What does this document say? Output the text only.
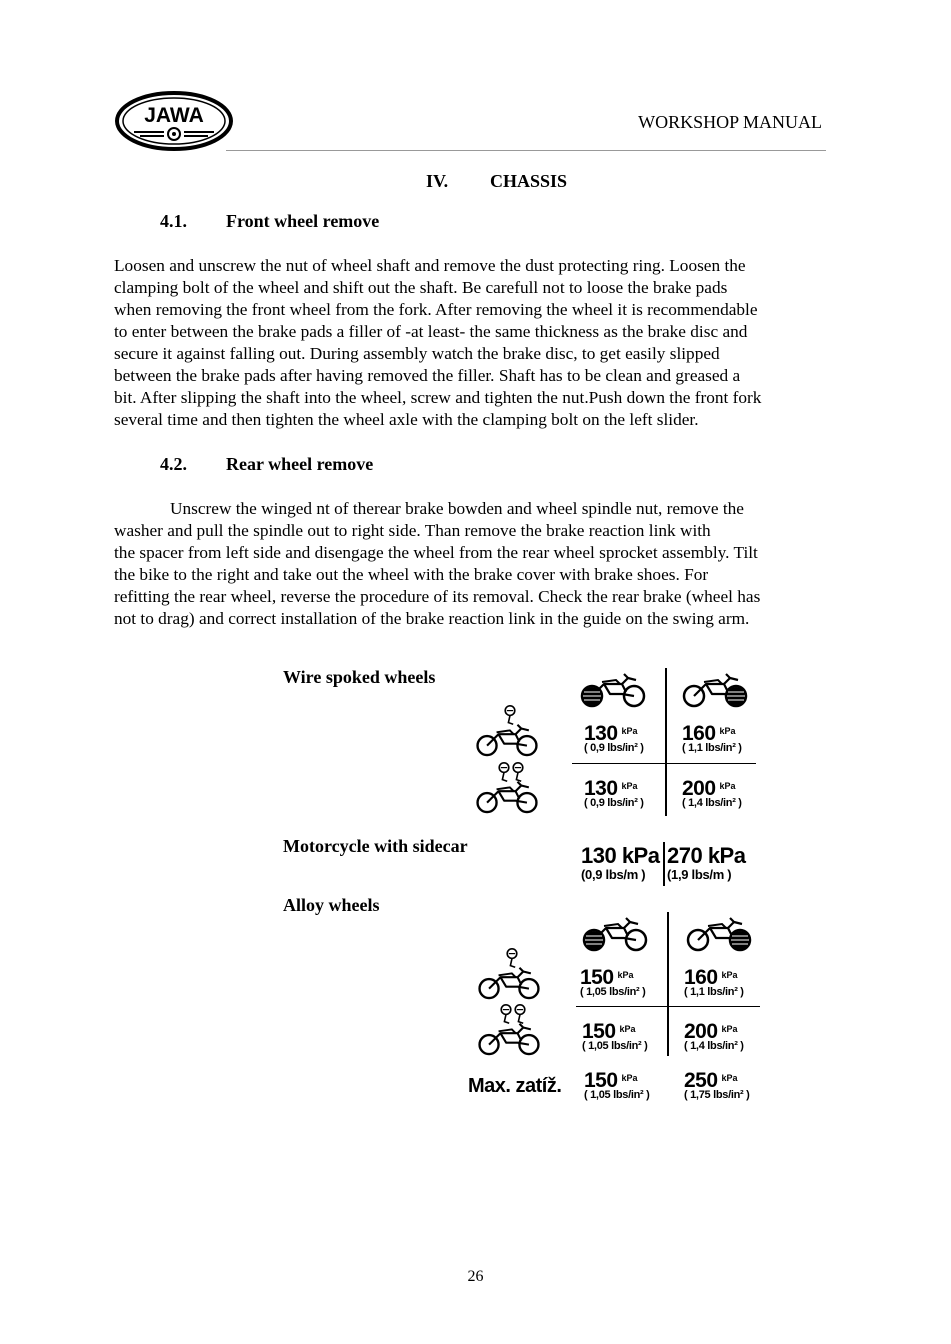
JAWA	WORKSHOP MANUAL
IV. CHASSIS
4.1. Front wheel remove
Loosen and unscrew the nut of wheel shaft and remove the dust protecting ring. Loosen the
clamping bolt of the wheel and shift out the shaft. Be carefull not to loose the brake pads
when removing the front wheel from the fork. After removing the wheel it is recommendable
to enter between the brake pads a filler of -at least- the same thickness as the brake disc and
secure it against falling out. During assembly watch the brake disc, to get easily slipped
between the brake pads after having removed the filler. Shaft has to be clean and greased a
bit. After slipping the shaft into the wheel, screw and tighten the nut.Push down the front fork
several time and then tighten the wheel axle with the clamping bolt on the left slider.
4.2. Rear wheel remove
Unscrew the winged nt of therear brake bowden and wheel spindle nut, remove the
washer and pull the spindle out to right side. Than remove the brake reaction link with
the spacer from left side and disengage the wheel from the rear wheel sprocket assembly. Tilt
the bike to the right and take out the wheel with the brake cover with brake shoes. For
refitting the rear wheel, reverse the procedure of its removal. Check the rear brake (wheel has
not to drag) and correct installation of the brake reaction link in the guide on the swing arm.
Wire spoked wheels
130 $^{kPa}$
( 0,9 lbs/in² )
160 $^{kPa}$
( 1,1 lbs/in² )
130 $^{kPa}$
( 0,9 lbs/in² )
200 $^{kPa}$
( 1,4 lbs/in² )
Motorcycle with sidecar	130 kPa
(0,9 lbs/m )
270 kPa
(1,9 lbs/m )
Alloy wheels
150 $^{kPa}$
( 1,05 lbs/in² )
160 $^{kPa}$
( 1,1 lbs/in² )
150 $^{kPa}$
( 1,05 lbs/in² )
200 $^{kPa}$
( 1,4 lbs/in² )
Max. zatíž. 150 $^{kPa}$
( 1,05 lbs/in² )
250 $^{kPa}$
( 1,75 lbs/in² )
26
